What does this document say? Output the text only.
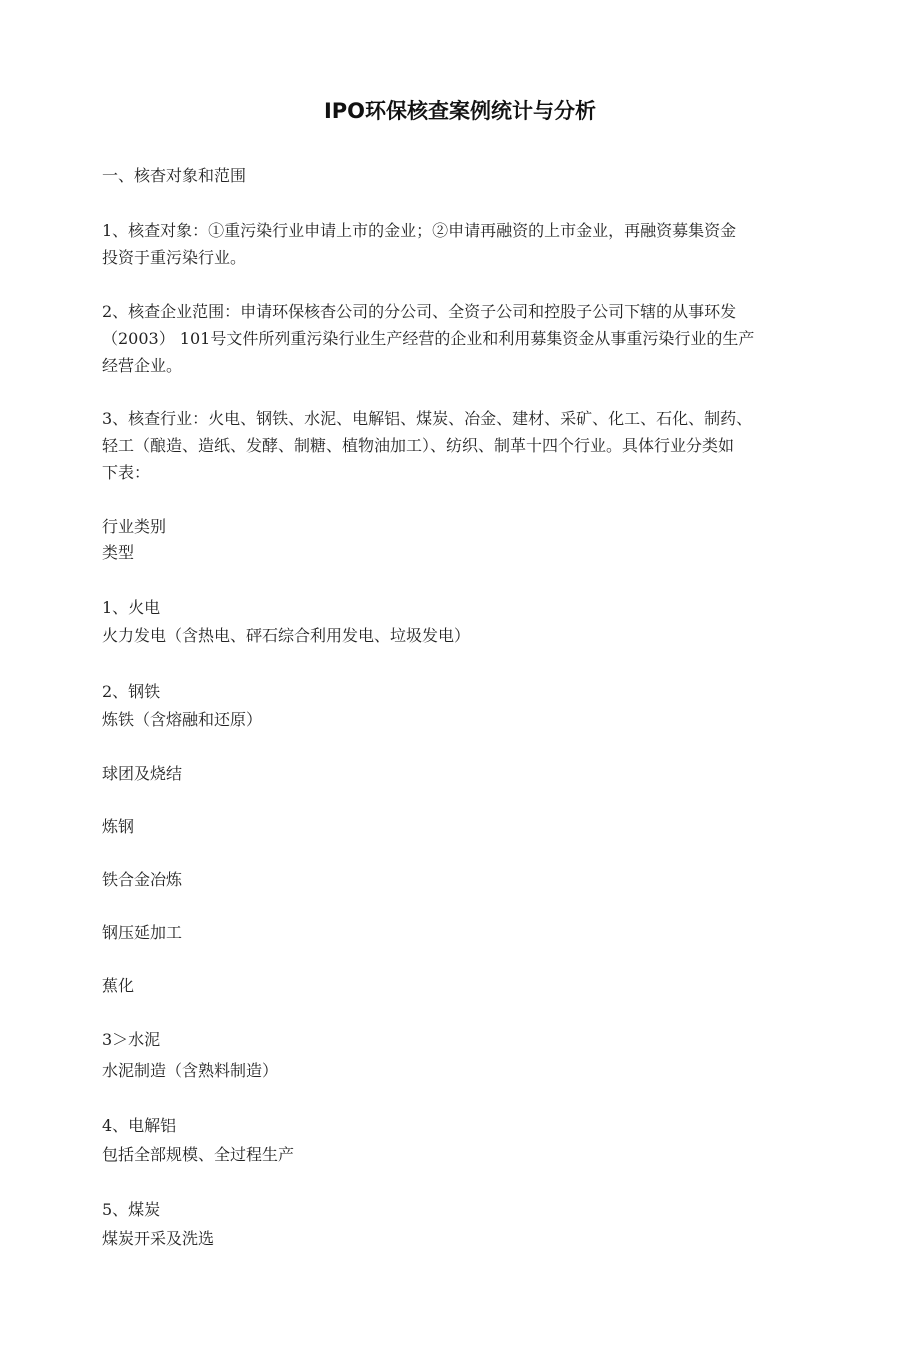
IPO环保核查案例统计与分析
一、核杳对象和范围
1、核查对象：①重污染行业申请上市的金业；②申请再融资的上市金业，再融资募集资金
投资于重污染行业。
2、核查企业范围：申请环保核杳公司的分公司、全资子公司和控股子公司下辖的从事环发
（2003） 101号文件所列重污染行业生产经营的企业和利用募集资金从事重污染行业的生产
经营企业。
3、核查行业：火电、钢铁、水泥、电解铝、煤炭、冶金、建材、采矿、化工、石化、制药、
轻工（酿造、造纸、发酵、制糖、植物油加工）、纺织、制革十四个行业。具体行业分类如
下表：
行业类别
类型
1、火电
火力发电（含热电、砰石综合利用发电、垃圾发电）
2、钢铁
炼铁（含熔融和还原）
球团及烧结
炼钢
铁合金冶炼
钢压延加工
蕉化
3＞水泥
水泥制造（含熟料制造）
4、电解铝
包括全部规模、全过程生产
5、煤炭
煤炭开采及洗选
